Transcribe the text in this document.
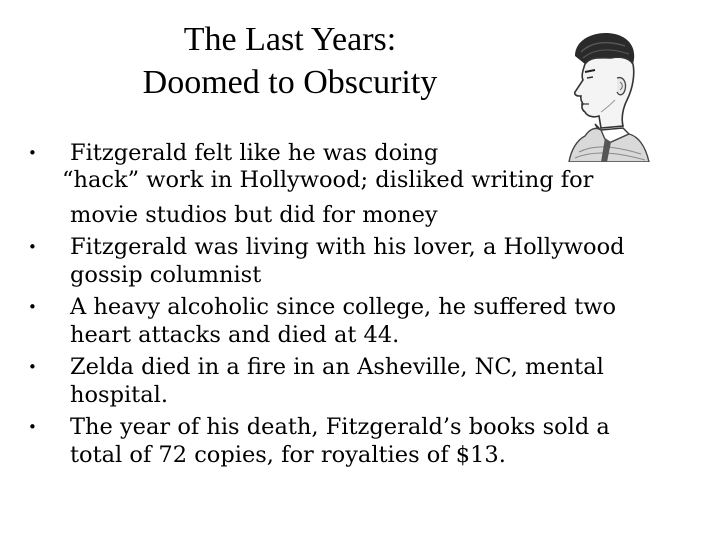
The Last Years:
Doomed to Obscurity
• Fitzgerald felt like he was doing
“hack” work in Hollywood; disliked writing for
movie studios but did for money
• Fitzgerald was living with his lover, a Hollywood
gossip columnist
• A heavy alcoholic since college, he suffered two
heart attacks and died at 44.
• Zelda died in a fire in an Asheville, NC, mental
hospital.
• The year of his death, Fitzgerald’s books sold a
total of 72 copies, for royalties of $13.
